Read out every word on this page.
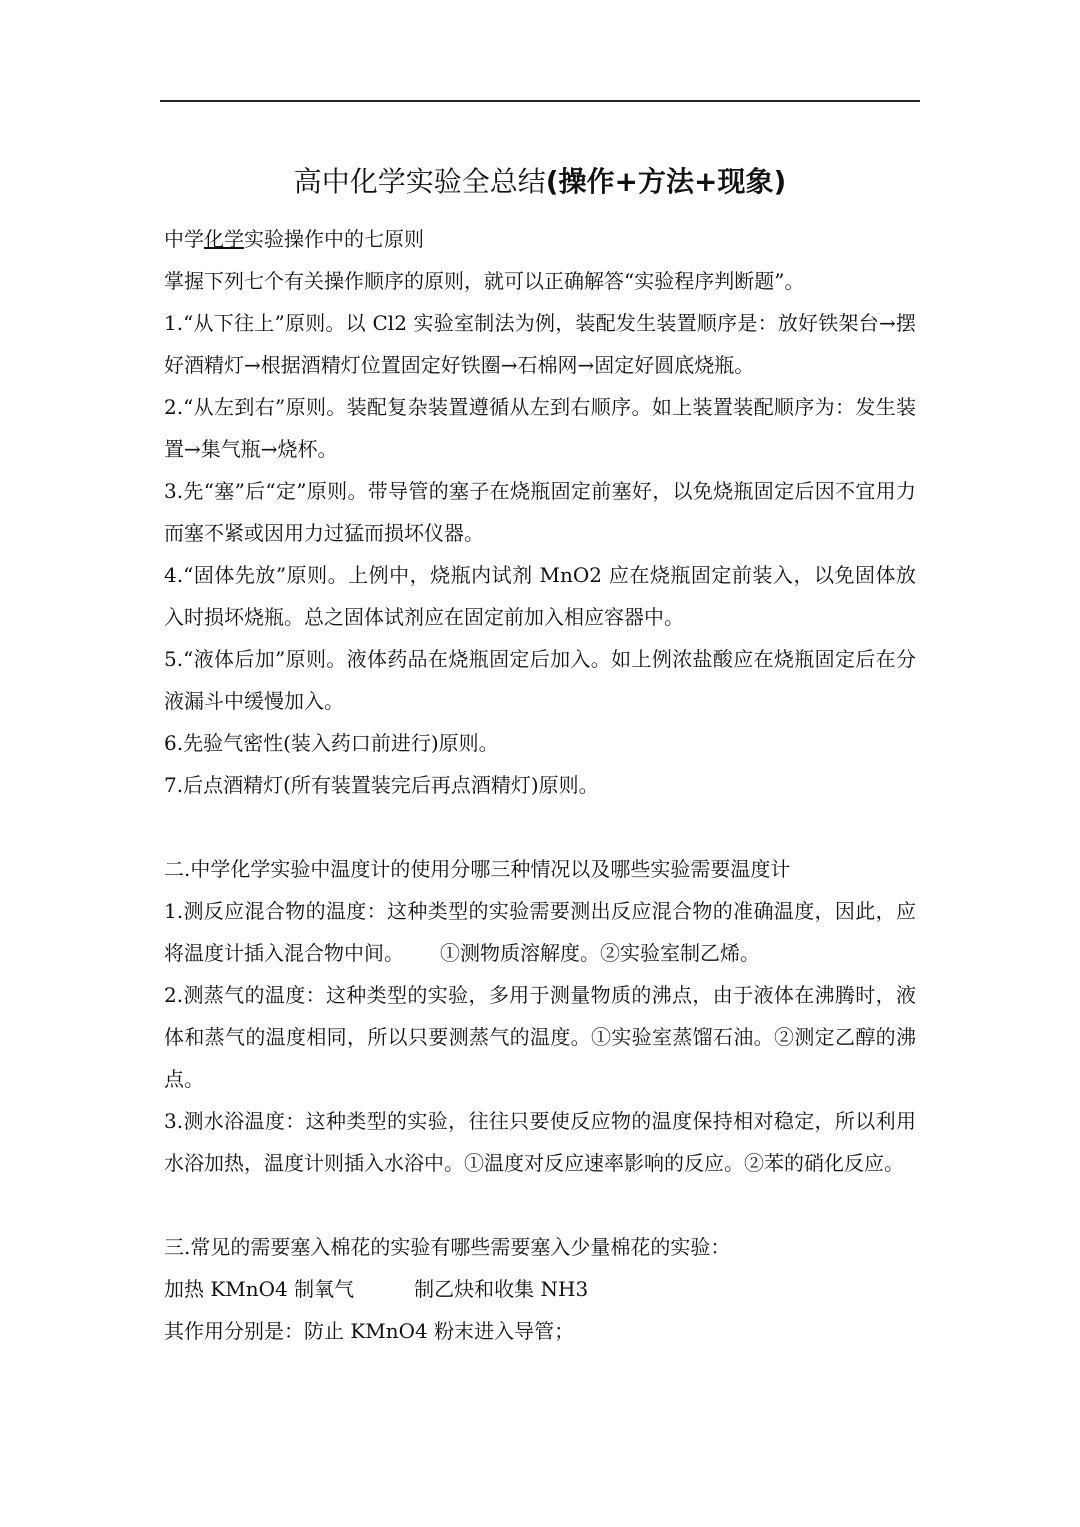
高中化学实验全总结(操作+方法+现象)

中学化学实验操作中的七原则

掌握下列七个有关操作顺序的原则，就可以正确解答“实验程序判断题”。

1.“从下往上”原则。以 Cl2 实验室制法为例，装配发生装置顺序是：放好铁架台→摆好酒精灯→根据酒精灯位置固定好铁圈→石棉网→固定好圆底烧瓶。

2.“从左到右”原则。装配复杂装置遵循从左到右顺序。如上装置装配顺序为：发生装置→集气瓶→烧杯。

3.先“塞”后“定”原则。带导管的塞子在烧瓶固定前塞好，以免烧瓶固定后因不宜用力而塞不紧或因用力过猛而损坏仪器。

4.“固体先放”原则。上例中，烧瓶内试剂 MnO2 应在烧瓶固定前装入，以免固体放入时损坏烧瓶。总之固体试剂应在固定前加入相应容器中。

5.“液体后加”原则。液体药品在烧瓶固定后加入。如上例浓盐酸应在烧瓶固定后在分液漏斗中缓慢加入。

6.先验气密性(装入药口前进行)原则。

7.后点酒精灯(所有装置装完后再点酒精灯)原则。

二.中学化学实验中温度计的使用分哪三种情况以及哪些实验需要温度计

1.测反应混合物的温度：这种类型的实验需要测出反应混合物的准确温度，因此，应将温度计插入混合物中间。 ①测物质溶解度。②实验室制乙烯。

2.测蒸气的温度：这种类型的实验，多用于测量物质的沸点，由于液体在沸腾时，液体和蒸气的温度相同，所以只要测蒸气的温度。①实验室蒸馏石油。②测定乙醇的沸点。

3.测水浴温度：这种类型的实验，往往只要使反应物的温度保持相对稳定，所以利用水浴加热，温度计则插入水浴中。①温度对反应速率影响的反应。②苯的硝化反应。

三.常见的需要塞入棉花的实验有哪些需要塞入少量棉花的实验：

加热 KMnO4 制氧气	制乙炔和收集 NH3

其作用分别是：防止 KMnO4 粉末进入导管；
